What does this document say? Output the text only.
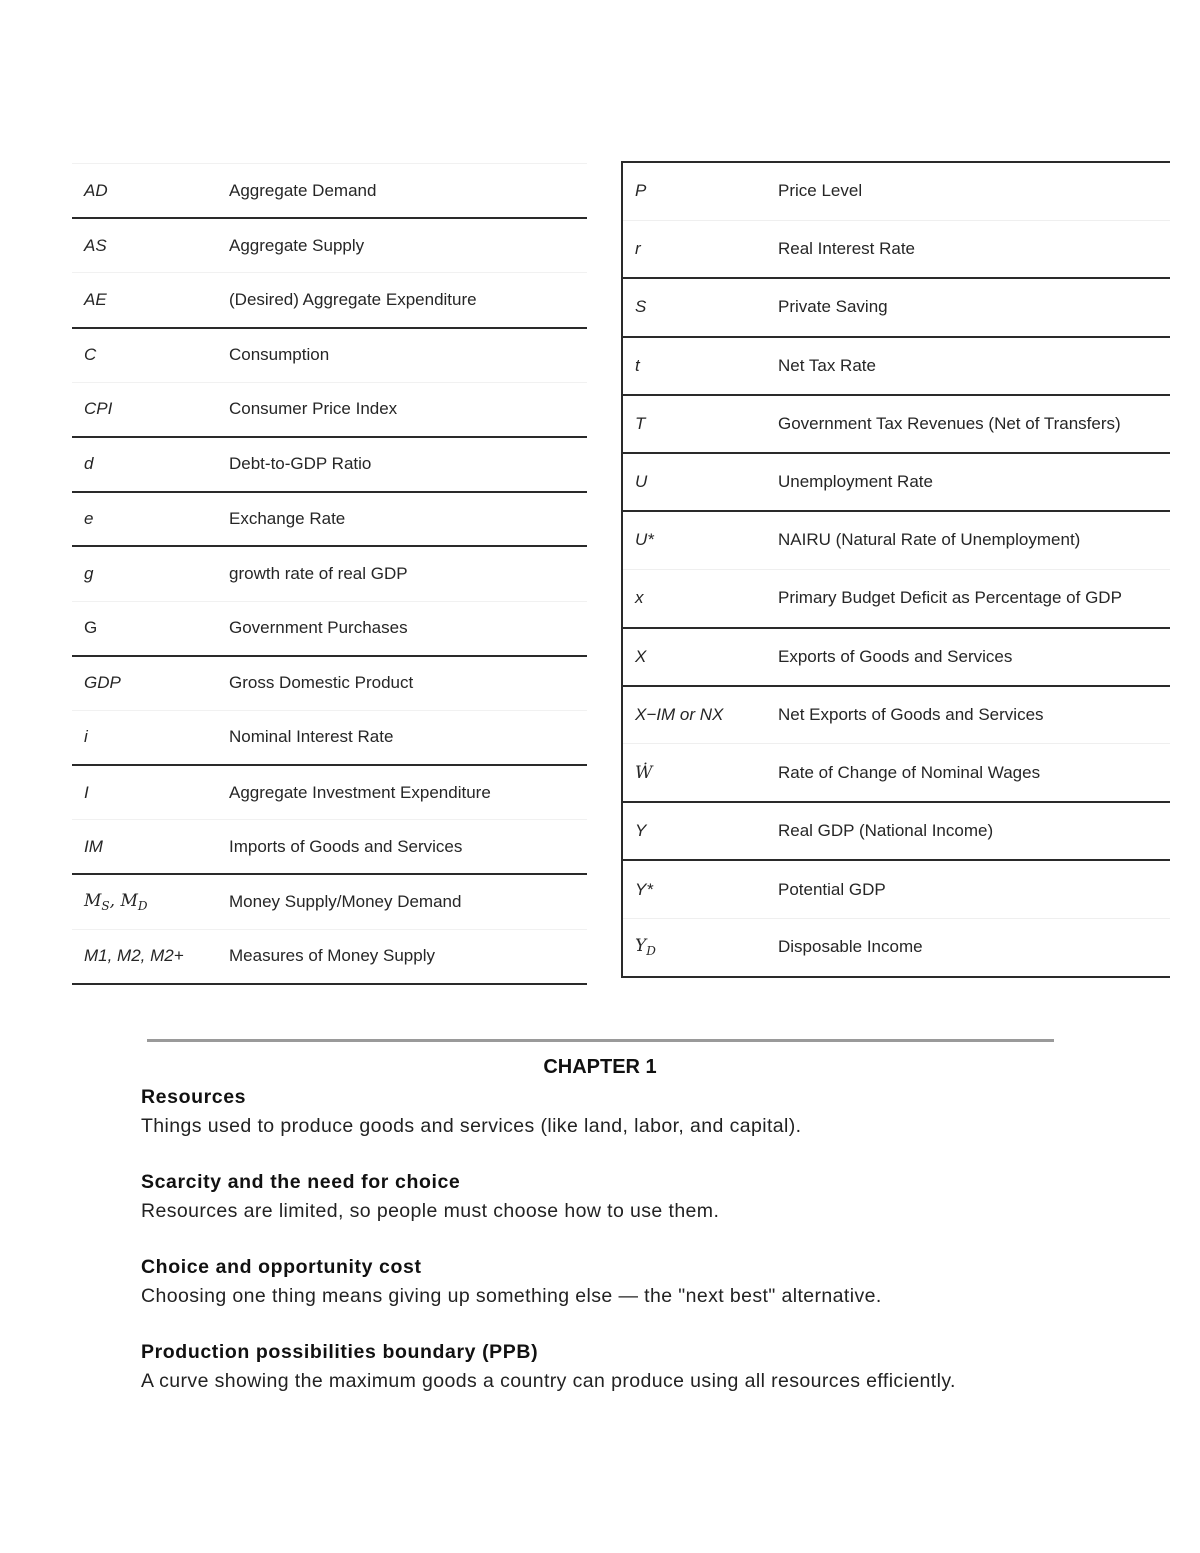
AD	Aggregate Demand
AS	Aggregate Supply
AE	(Desired) Aggregate Expenditure
C	Consumption
CPI	Consumer Price Index
d	Debt-to-GDP Ratio
e	Exchange Rate
g	growth rate of real GDP
G	Government Purchases
GDP	Gross Domestic Product
i	Nominal Interest Rate
I	Aggregate Investment Expenditure
IM	Imports of Goods and Services
$M_S$, $M_D$	Money Supply/Money Demand
M1, M2, M2+	Measures of Money Supply
P	Price Level
r	Real Interest Rate
S	Private Saving
t	Net Tax Rate
T	Government Tax Revenues (Net of Transfers)
U	Unemployment Rate
U*	NAIRU (Natural Rate of Unemployment)
x	Primary Budget Deficit as Percentage of GDP
X	Exports of Goods and Services
X−IM or NX	Net Exports of Goods and Services
Ẇ	Rate of Change of Nominal Wages
Y	Real GDP (National Income)
Y*	Potential GDP
$Y_D$	Disposable Income
CHAPTER 1
Resources

Things used to produce goods and services (like land, labor, and capital).

Scarcity and the need for choice

Resources are limited, so people must choose how to use them.

Choice and opportunity cost

Choosing one thing means giving up something else — the "next best" alternative.

Production possibilities boundary (PPB)

A curve showing the maximum goods a country can produce using all resources efficiently.
